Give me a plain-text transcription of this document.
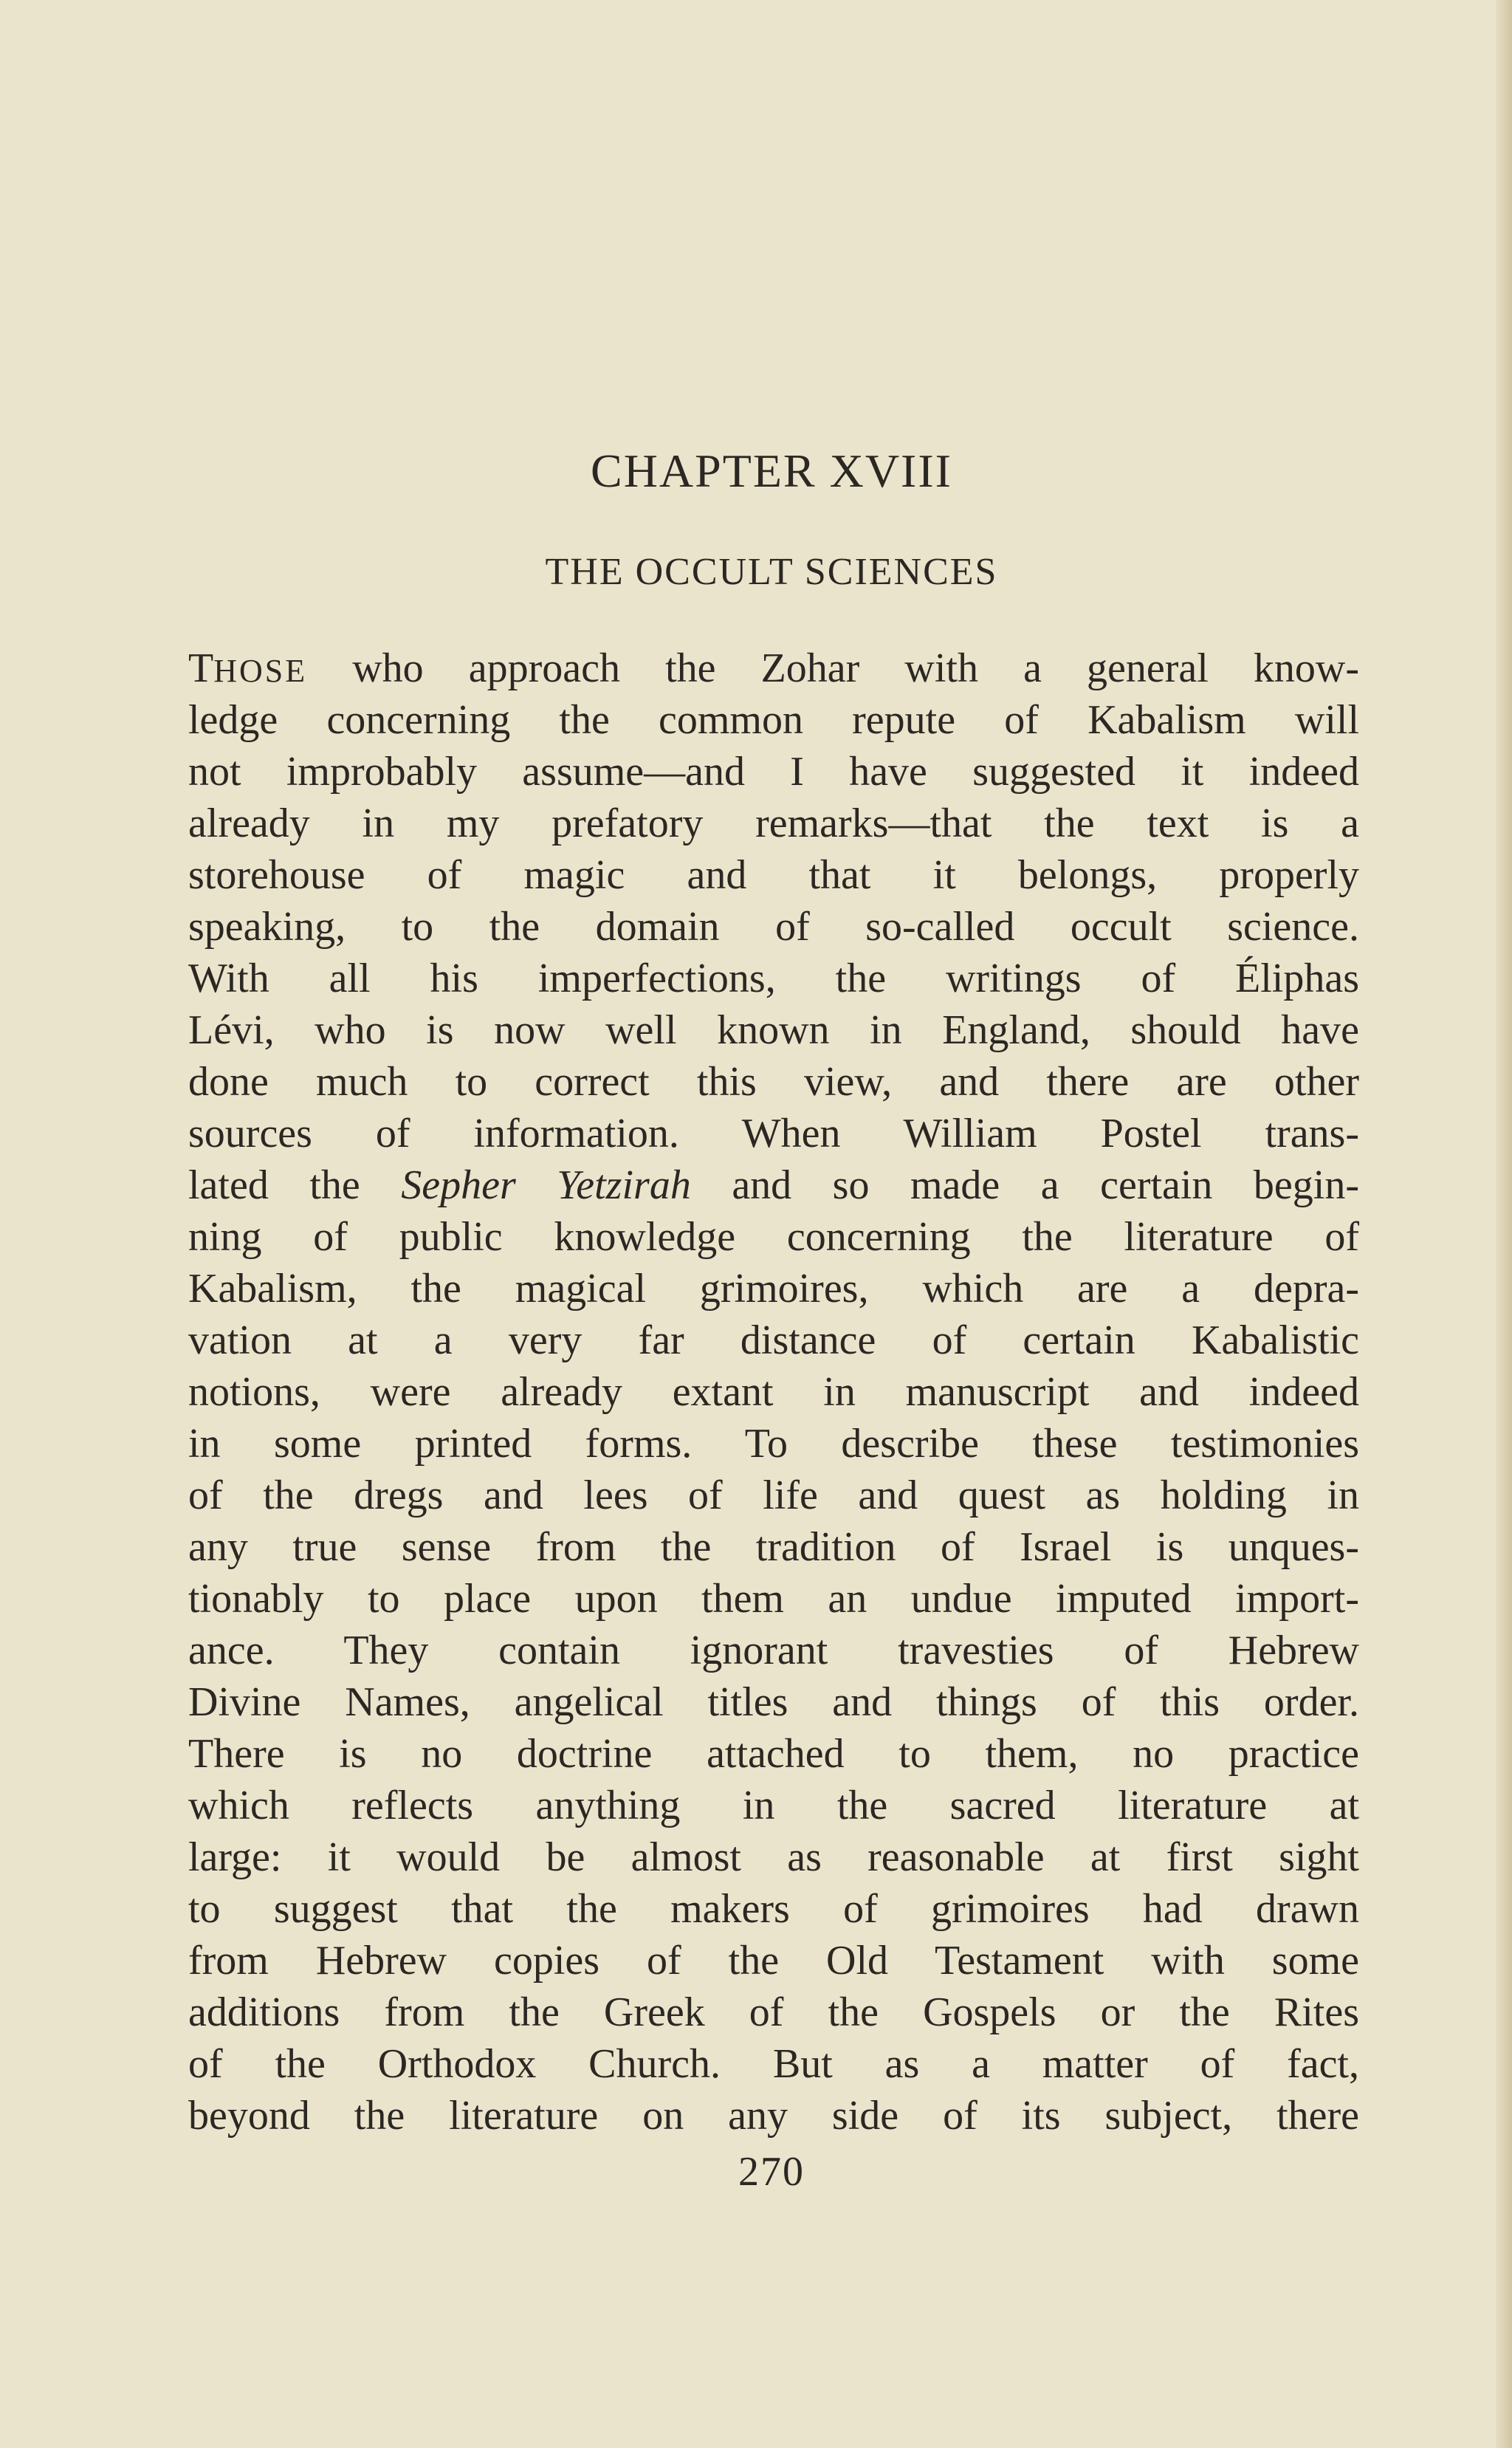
CHAPTER XVIII
THE OCCULT SCIENCES
THOSE who approach the Zohar with a general know-
ledge concerning the common repute of Kabalism will
not improbably assume—and I have suggested it indeed
already in my prefatory remarks—that the text is a
storehouse of magic and that it belongs, properly
speaking, to the domain of so-called occult science.
With all his imperfections, the writings of Éliphas
Lévi, who is now well known in England, should have
done much to correct this view, and there are other
sources of information. When William Postel trans-
lated the Sepher Yetzirah and so made a certain begin-
ning of public knowledge concerning the literature of
Kabalism, the magical grimoires, which are a depra-
vation at a very far distance of certain Kabalistic
notions, were already extant in manuscript and indeed
in some printed forms. To describe these testimonies
of the dregs and lees of life and quest as holding in
any true sense from the tradition of Israel is unques-
tionably to place upon them an undue imputed import-
ance. They contain ignorant travesties of Hebrew
Divine Names, angelical titles and things of this order.
There is no doctrine attached to them, no practice
which reflects anything in the sacred literature at
large: it would be almost as reasonable at first sight
to suggest that the makers of grimoires had drawn
from Hebrew copies of the Old Testament with some
additions from the Greek of the Gospels or the Rites
of the Orthodox Church. But as a matter of fact,
beyond the literature on any side of its subject, there
270
